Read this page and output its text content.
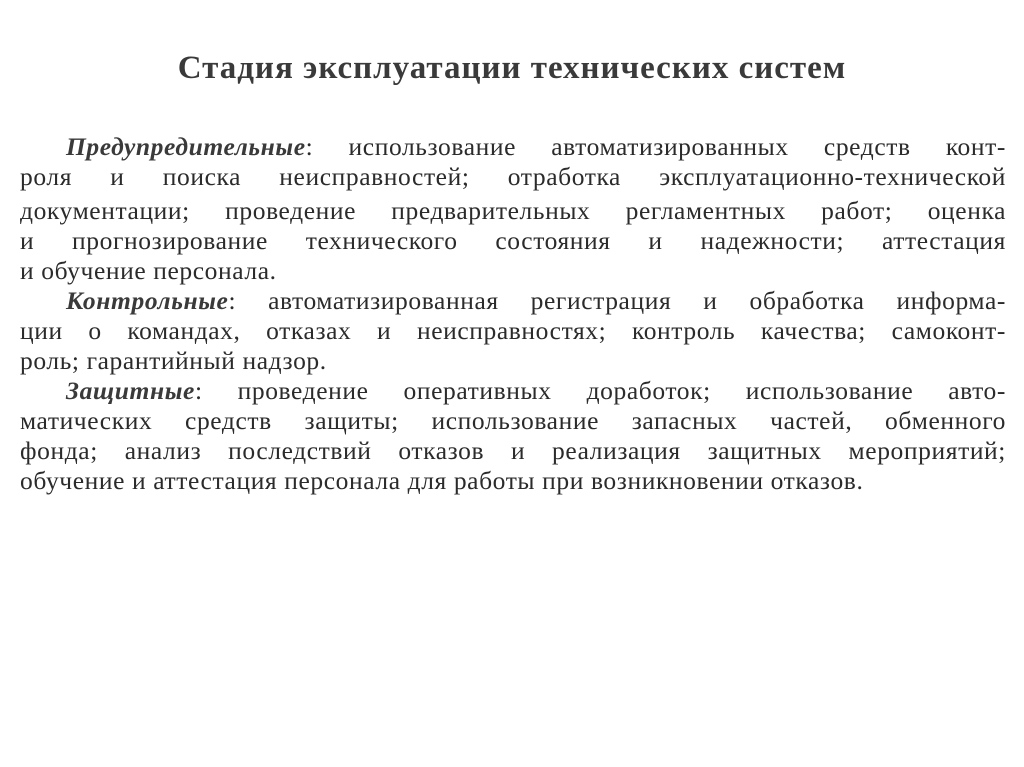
Стадия эксплуатации технических систем
Предупредительные: использование автоматизированных средств конт-
роля и поиска неисправностей; отработка эксплуатационно-технической
документации; проведение предварительных регламентных работ; оценка
и прогнозирование технического состояния и надежности; аттестация
и обучение персонала.
Контрольные: автоматизированная регистрация и обработка информа-
ции о командах, отказах и неисправностях; контроль качества; самоконт-
роль; гарантийный надзор.
Защитные: проведение оперативных доработок; использование авто-
матических средств защиты; использование запасных частей, обменного
фонда; анализ последствий отказов и реализация защитных мероприятий;
обучение и аттестация персонала для работы при возникновении отказов.
